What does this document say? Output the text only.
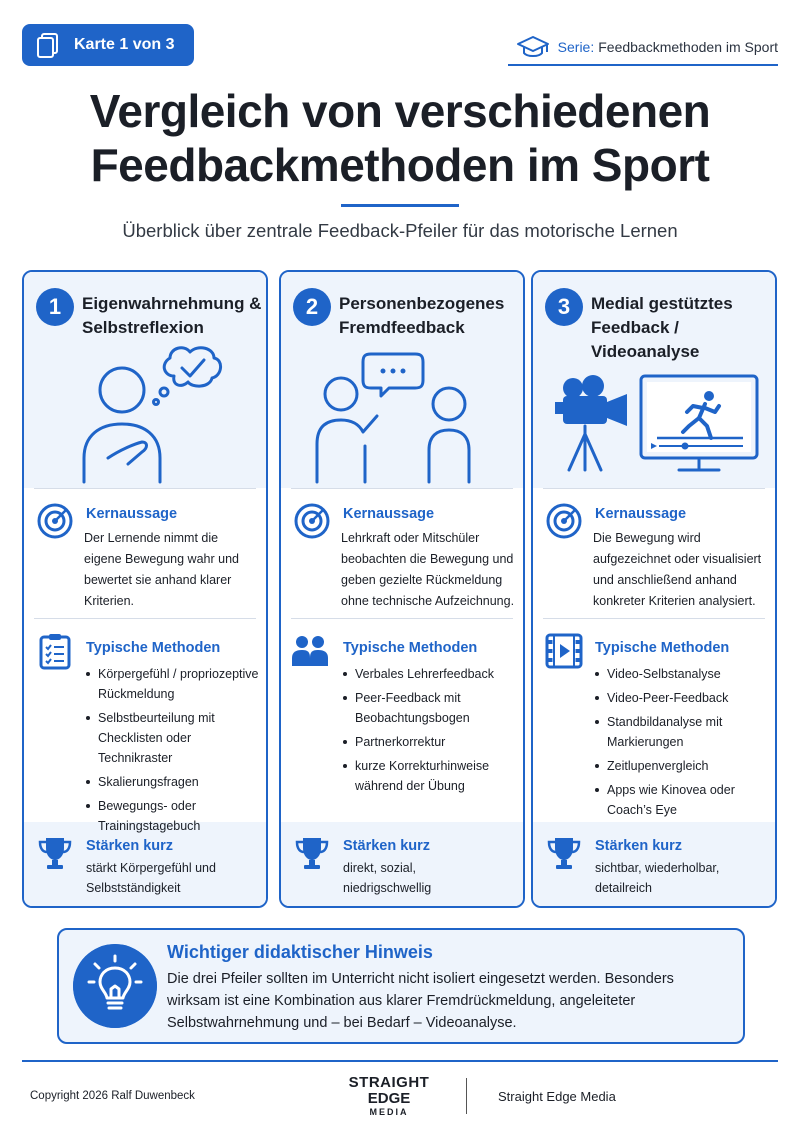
Karte 1 von 3	Serie: Feedbackmethoden im Sport
Vergleich von verschiedenen
Feedbackmethoden im Sport
Überblick über zentrale Feedback-Pfeiler für das motorische Lernen
1	Eigenwahrnehmung & Selbstreflexion
Kernaussage
Der Lernende nimmt die eigene Bewegung wahr und bewertet sie anhand klarer Kriterien.
Typische Methoden
Körpergefühl / propriozeptive Rückmeldung
Selbstbeurteilung mit Checklisten oder Technikraster
Skalierungsfragen
Bewegungs- oder Trainingstagebuch
Stärken kurz
stärkt Körpergefühl und Selbstständigkeit
2	Personenbezogenes Fremdfeedback
Kernaussage
Lehrkraft oder Mitschüler beobachten die Bewegung und geben gezielte Rückmeldung ohne technische Aufzeichnung.
Typische Methoden
Verbales Lehrerfeedback
Peer-Feedback mit Beobachtungsbogen
Partnerkorrektur
kurze Korrekturhinweise während der Übung
Stärken kurz
direkt, sozial, niedrigschwellig
3	Medial gestütztes Feedback / Videoanalyse
Kernaussage
Die Bewegung wird aufgezeichnet oder visualisiert und anschließend anhand konkreter Kriterien analysiert.
Typische Methoden
Video-Selbstanalyse
Video-Peer-Feedback
Standbildanalyse mit Markierungen
Zeitlupenvergleich
Apps wie Kinovea oder Coach’s Eye
Stärken kurz
sichtbar, wiederholbar, detailreich
Wichtiger didaktischer Hinweis
Die drei Pfeiler sollten im Unterricht nicht isoliert eingesetzt werden. Besonders wirksam ist eine Kombination aus klarer Fremdrückmeldung, angeleiteter Selbstwahrnehmung und – bei Bedarf – Videoanalyse.
Copyright 2026 Ralf Duwenbeck
STRAIGHT
EDGE
MEDIA
Straight Edge Media
